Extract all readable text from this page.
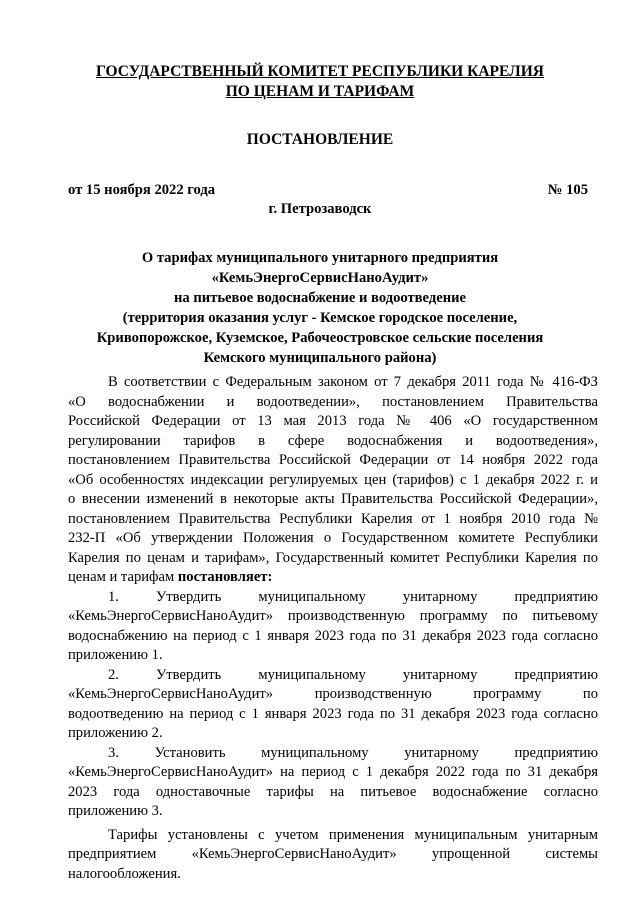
ГОСУДАРСТВЕННЫЙ КОМИТЕТ РЕСПУБЛИКИ КАРЕЛИЯ
ПО ЦЕНАМ И ТАРИФАМ
ПОСТАНОВЛЕНИЕ
от 15 ноября 2022 года	№ 105
г. Петрозаводск
О тарифах муниципального унитарного предприятия
«КемьЭнергоСервисНаноАудит»
на питьевое водоснабжение и водоотведение
(территория оказания услуг - Кемское городское поселение,
Кривопорожское, Куземское, Рабочеостровское сельские поселения
Кемского муниципального района)

В соответствии с Федеральным законом от 7 декабря 2011 года № 416-ФЗ

«О водоснабжении и водоотведении», постановлением Правительства

Российской Федерации от 13 мая 2013 года № 406 «О государственном

регулировании тарифов в сфере водоснабжения и водоотведения»,

постановлением Правительства Российской Федерации от 14 ноября 2022 года

«Об особенностях индексации регулируемых цен (тарифов) с 1 декабря 2022 г. и

о внесении изменений в некоторые акты Правительства Российской Федерации»,

постановлением Правительства Республики Карелия от 1 ноября 2010 года №

232-П «Об утверждении Положения о Государственном комитете Республики

Карелия по ценам и тарифам», Государственный комитет Республики Карелия по

ценам и тарифам постановляет:

1. Утвердить муниципальному унитарному предприятию

«КемьЭнергоСервисНаноАудит» производственную программу по питьевому

водоснабжению на период с 1 января 2023 года по 31 декабря 2023 года согласно

приложению 1.

2. Утвердить муниципальному унитарному предприятию

«КемьЭнергоСервисНаноАудит» производственную программу по

водоотведению на период с 1 января 2023 года по 31 декабря 2023 года согласно

приложению 2.

3. Установить муниципальному унитарному предприятию

«КемьЭнергоСервисНаноАудит» на период с 1 декабря 2022 года по 31 декабря

2023 года одноставочные тарифы на питьевое водоснабжение согласно

приложению 3.

Тарифы установлены с учетом применения муниципальным унитарным

предприятием «КемьЭнергоСервисНаноАудит» упрощенной системы

налогообложения.
